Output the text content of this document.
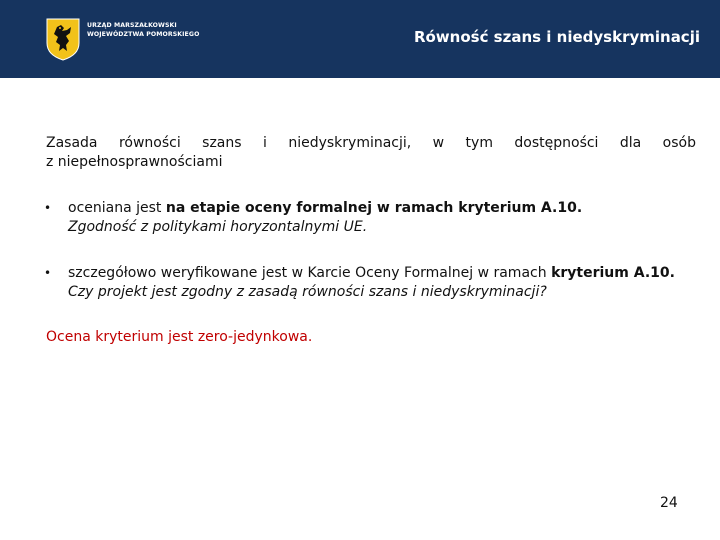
URZĄD MARSZAŁKOWSKI
WOJEWÓDZTWA POMORSKIEGO	Równość szans i niedyskryminacji
Zasada równości szans i niedyskryminacji, w tym dostępności dla osób
z niepełnosprawnościami
• oceniana jest na etapie oceny formalnej w ramach kryterium A.10.
Zgodność z politykami horyzontalnymi UE.
• szczegółowo weryfikowane jest w Karcie Oceny Formalnej w ramach kryterium A.10.
Czy projekt jest zgodny z zasadą równości szans i niedyskryminacji?
Ocena kryterium jest zero-jedynkowa.
24
